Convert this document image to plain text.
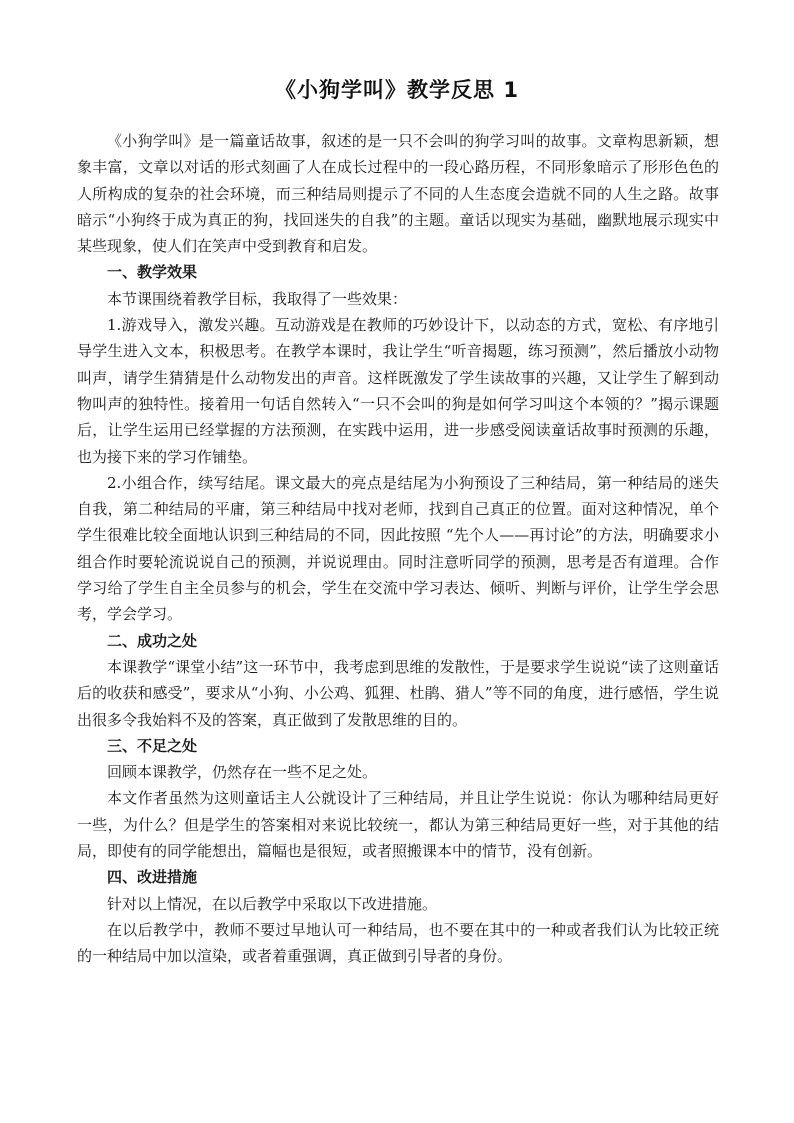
《小狗学叫》教学反思 1

《小狗学叫》是一篇童话故事，叙述的是一只不会叫的狗学习叫的故事。文章构思新颖，想象丰富，文章以对话的形式刻画了人在成长过程中的一段心路历程，不同形象暗示了形形色色的人所构成的复杂的社会环境，而三种结局则提示了不同的人生态度会造就不同的人生之路。故事暗示“小狗终于成为真正的狗，找回迷失的自我”的主题。童话以现实为基础，幽默地展示现实中某些现象，使人们在笑声中受到教育和启发。

一、教学效果

本节课围绕着教学目标，我取得了一些效果：

1.游戏导入，激发兴趣。互动游戏是在教师的巧妙设计下，以动态的方式，宽松、有序地引导学生进入文本，积极思考。在教学本课时，我让学生“听音揭题，练习预测”，然后播放小动物叫声，请学生猜猜是什么动物发出的声音。这样既激发了学生读故事的兴趣，又让学生了解到动物叫声的独特性。接着用一句话自然转入“一只不会叫的狗是如何学习叫这个本领的？”揭示课题后，让学生运用已经掌握的方法预测，在实践中运用，进一步感受阅读童话故事时预测的乐趣，也为接下来的学习作铺垫。

2.小组合作，续写结尾。课文最大的亮点是结尾为小狗预设了三种结局，第一种结局的迷失自我，第二种结局的平庸，第三种结局中找对老师，找到自己真正的位置。面对这种情况，单个学生很难比较全面地认识到三种结局的不同，因此按照 “先个人——再讨论”的方法，明确要求小组合作时要轮流说说自己的预测，并说说理由。同时注意听同学的预测，思考是否有道理。合作学习给了学生自主全员参与的机会，学生在交流中学习表达、倾听、判断与评价，让学生学会思考，学会学习。

二、成功之处

本课教学“课堂小结”这一环节中，我考虑到思维的发散性，于是要求学生说说“读了这则童话后的收获和感受”，要求从“小狗、小公鸡、狐狸、杜鹃、猎人”等不同的角度，进行感悟，学生说出很多令我始料不及的答案，真正做到了发散思维的目的。

三、不足之处

回顾本课教学，仍然存在一些不足之处。

本文作者虽然为这则童话主人公就设计了三种结局，并且让学生说说：你认为哪种结局更好一些，为什么？但是学生的答案相对来说比较统一，都认为第三种结局更好一些，对于其他的结局，即使有的同学能想出，篇幅也是很短，或者照搬课本中的情节，没有创新。

四、改进措施

针对以上情况，在以后教学中采取以下改进措施。

在以后教学中，教师不要过早地认可一种结局，也不要在其中的一种或者我们认为比较正统的一种结局中加以渲染，或者着重强调，真正做到引导者的身份。
